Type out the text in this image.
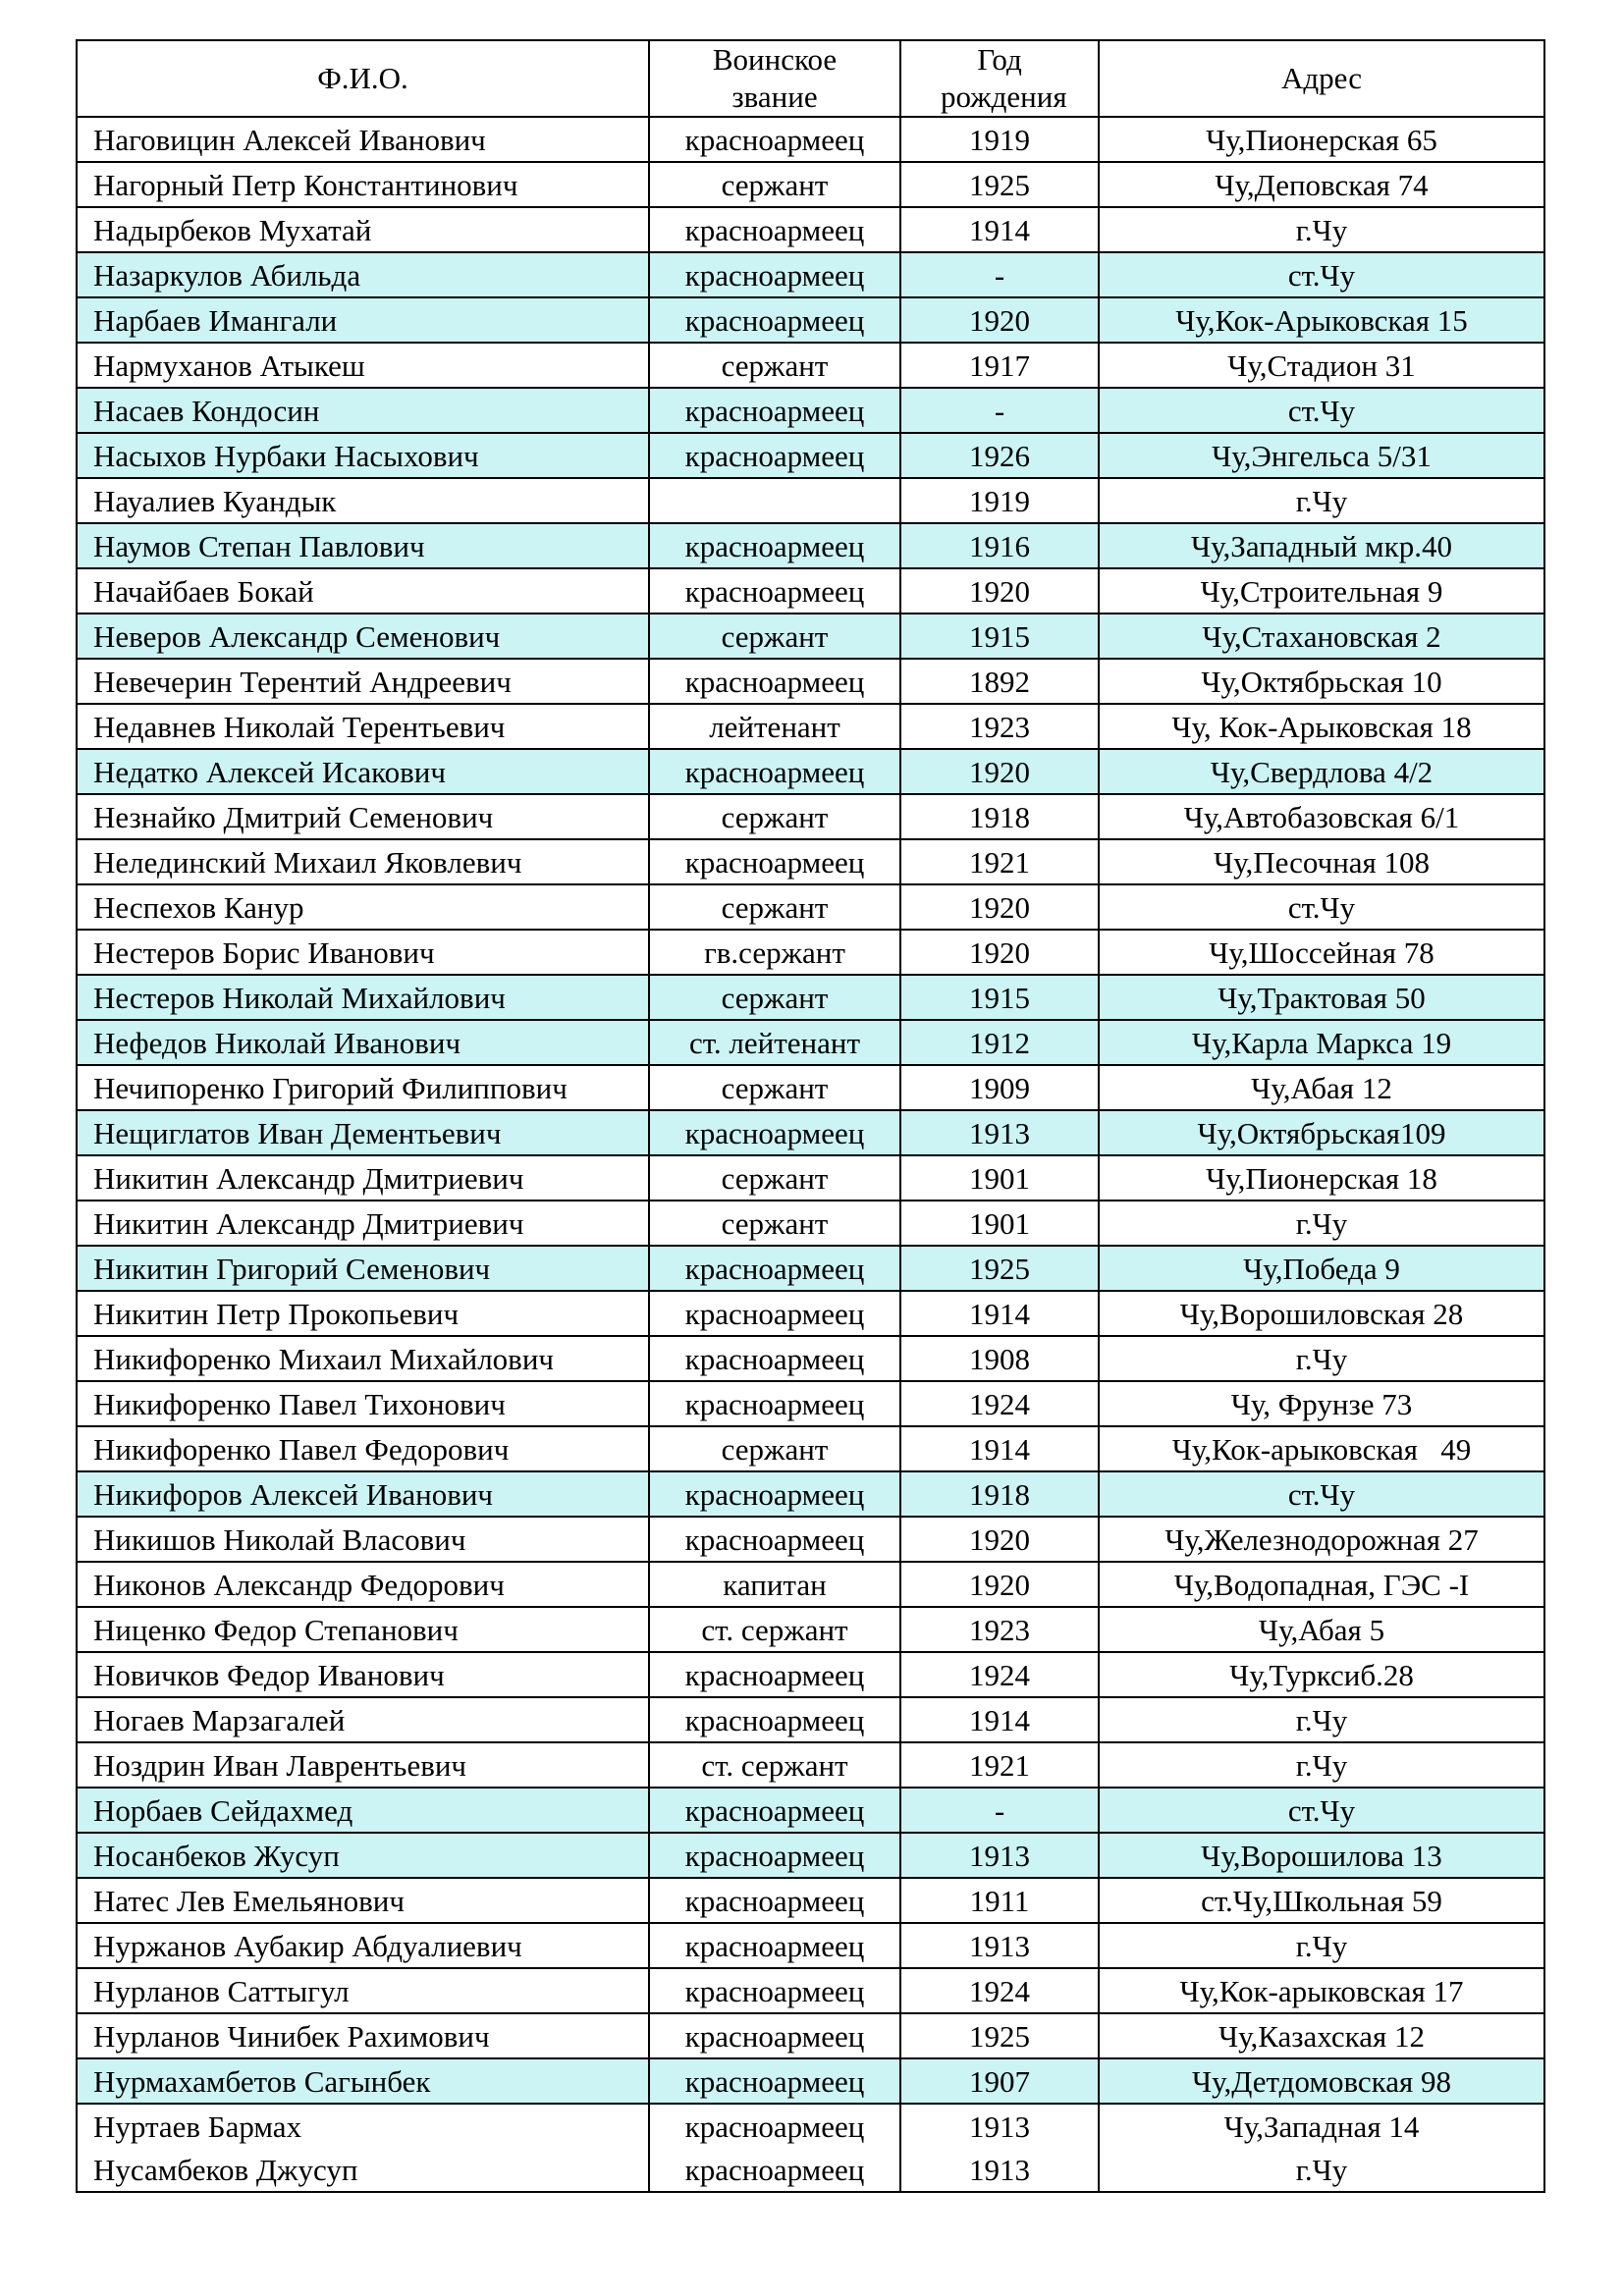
Ф.И.О.	Воинское звание	Год рождения	Адрес
Наговицин Алексей Иванович	красноармеец	1919	Чу,Пионерская 65
Нагорный Петр Константинович	сержант	1925	Чу,Деповская 74
Надырбеков Мухатай	красноармеец	1914	г.Чу
Назаркулов Абильда	красноармеец	-	ст.Чу
Нарбаев Имангали	красноармеец	1920	Чу,Кок-Арыковская 15
Нармуханов Атыкеш	сержант	1917	Чу,Стадион 31
Насаев Кондосин	красноармеец	-	ст.Чу
Насыхов Нурбаки Насыхович	красноармеец	1926	Чу,Энгельса 5/31
Науалиев Куандык		1919	г.Чу
Наумов Степан Павлович	красноармеец	1916	Чу,Западный мкр.40
Начайбаев Бокай	красноармеец	1920	Чу,Строительная 9
Неверов Александр Семенович	сержант	1915	Чу,Стахановская 2
Невечерин Терентий Андреевич	красноармеец	1892	Чу,Октябрьская 10
Недавнев Николай Терентьевич	лейтенант	1923	Чу, Кок-Арыковская 18
Недатко Алексей Исакович	красноармеец	1920	Чу,Свердлова 4/2
Незнайко Дмитрий Семенович	сержант	1918	Чу,Автобазовская 6/1
Нелединский Михаил Яковлевич	красноармеец	1921	Чу,Песочная 108
Неспехов Канур	сержант	1920	ст.Чу
Нестеров Борис Иванович	гв.сержант	1920	Чу,Шоссейная 78
Нестеров Николай Михайлович	сержант	1915	Чу,Трактовая 50
Нефедов Николай Иванович	ст. лейтенант	1912	Чу,Карла Маркса 19
Нечипоренко Григорий Филиппович	сержант	1909	Чу,Абая 12
Нещиглатов Иван Дементьевич	красноармеец	1913	Чу,Октябрьская109
Никитин Александр Дмитриевич	сержант	1901	Чу,Пионерская 18
Никитин Александр Дмитриевич	сержант	1901	г.Чу
Никитин Григорий Семенович	красноармеец	1925	Чу,Победа 9
Никитин Петр Прокопьевич	красноармеец	1914	Чу,Ворошиловская 28
Никифоренко Михаил Михайлович	красноармеец	1908	г.Чу
Никифоренко Павел Тихонович	красноармеец	1924	Чу, Фрунзе 73
Никифоренко Павел Федорович	сержант	1914	Чу,Кок-арыковская   49
Никифоров Алексей Иванович	красноармеец	1918	ст.Чу
Никишов Николай Власович	красноармеец	1920	Чу,Железнодорожная 27
Никонов Александр Федорович	капитан	1920	Чу,Водопадная, ГЭС -I
Ниценко Федор Степанович	ст. сержант	1923	Чу,Абая 5
Новичков Федор Иванович	красноармеец	1924	Чу,Турксиб.28
Ногаев Марзагалей	красноармеец	1914	г.Чу
Ноздрин Иван Лаврентьевич	ст. сержант	1921	г.Чу
Норбаев Сейдахмед	красноармеец	-	ст.Чу
Носанбеков Жусуп	красноармеец	1913	Чу,Ворошилова 13
Натес Лев Емельянович	красноармеец	1911	ст.Чу,Школьная 59
Нуржанов Аубакир Абдуалиевич	красноармеец	1913	г.Чу
Нурланов Саттыгул	красноармеец	1924	Чу,Кок-арыковская 17
Нурланов Чинибек Рахимович	красноармеец	1925	Чу,Казахская 12
Нурмахамбетов Сагынбек	красноармеец	1907	Чу,Детдомовская 98
Нуртаев Бармах	красноармеец	1913	Чу,Западная 14
Нусамбеков Джусуп	красноармеец	1913	г.Чу
